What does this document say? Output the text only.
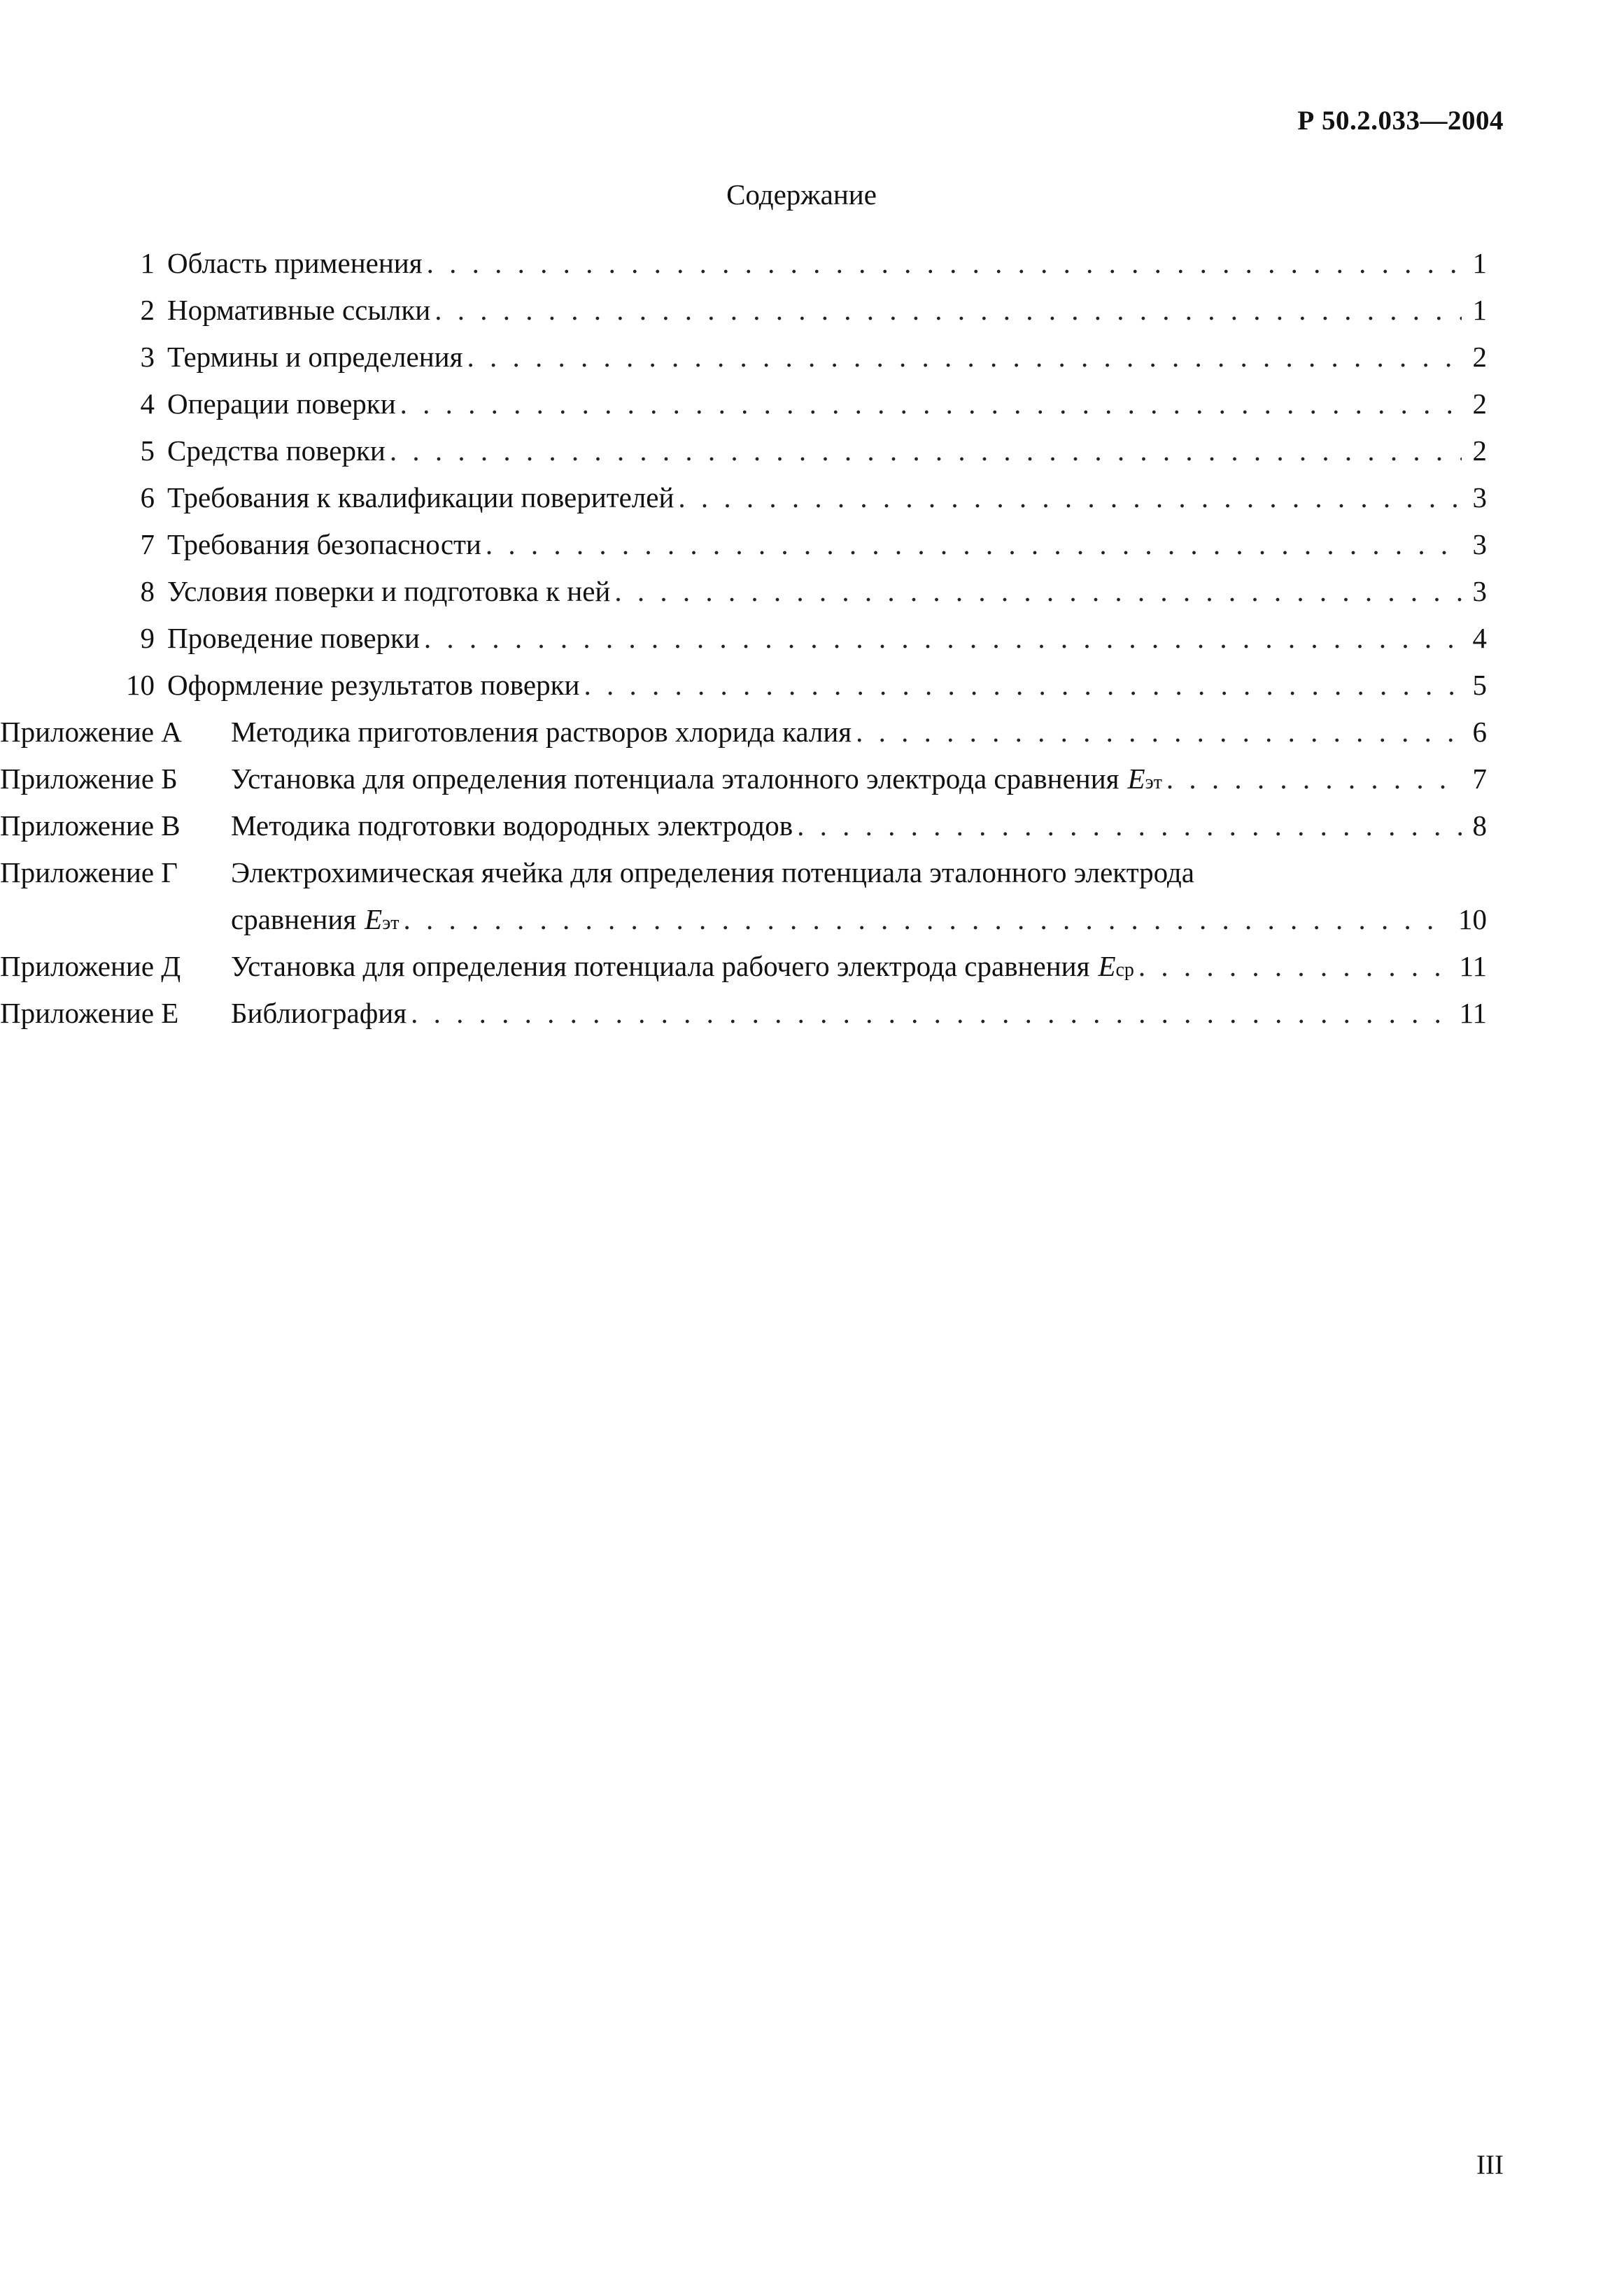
Р 50.2.033—2004
Содержание
1 Область применения . . .	1
2 Нормативные ссылки . . .	1
3 Термины и определения . . .	2
4 Операции поверки . . .	2
5 Средства поверки . . .	2
6 Требования к квалификации поверителей . . .	3
7 Требования безопасности . . .	3
8 Условия поверки и подготовка к ней . . .	3
9 Проведение поверки . . .	4
10 Оформление результатов поверки . . .	5
Приложение А	Методика приготовления растворов хлорида калия . . .	6
Приложение Б	Установка для определения потенциала эталонного электрода сравнения Eэт . . .	7
Приложение В	Методика подготовки водородных электродов . . .	8
Приложение Г	Электрохимическая ячейка для определения потенциала эталонного электрода
сравнения Eэт . . .	10
Приложение Д	Установка для определения потенциала рабочего электрода сравнения Eср . . .	11
Приложение Е	Библиография . . .	11
III
